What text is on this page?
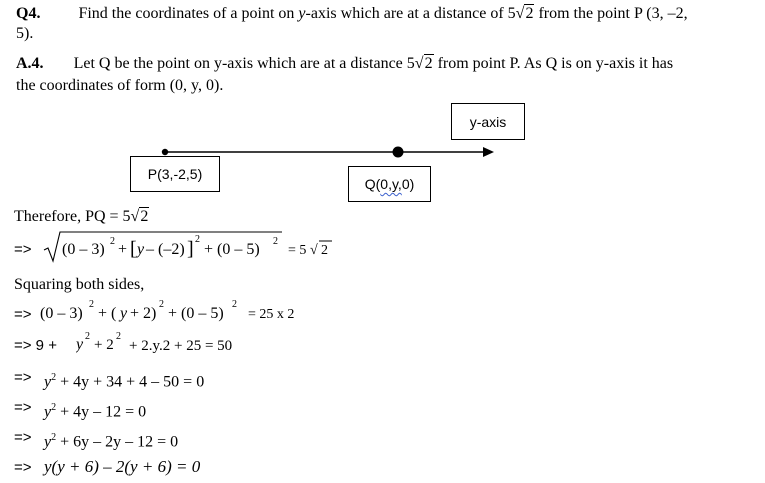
Q4. Find the coordinates of a point on y-axis which are at a distance of 5√2 from the point P (3, –2,
5).
A.4. Let Q be the point on y-axis which are at a distance 5√2 from point P. As Q is on y-axis it has
the coordinates of form (0, y, 0).
y-axis
P(3,-2,5)
Q(0,y,0)
Therefore, PQ = 5√2
=> (0 – 3) 2 + [ y – (–2) ] 2
+ (0 – 5) 2
= 5 √ 2
Squaring both sides,
=> (0 – 3)
2
+ ( y + 2)
2
+ (0 – 5)
2
= 25 x 2
=> 9 + y 2
+ 2
2
+ 2.y.2 + 25 = 50
=> $y^2 + 4y + 34 + 4 - 50 = 0$
=> $y^2 + 4y - 12 = 0$
=> $y^2 + 6y - 2y - 12 = 0$
=> y(y + 6) – 2(y + 6) = 0
